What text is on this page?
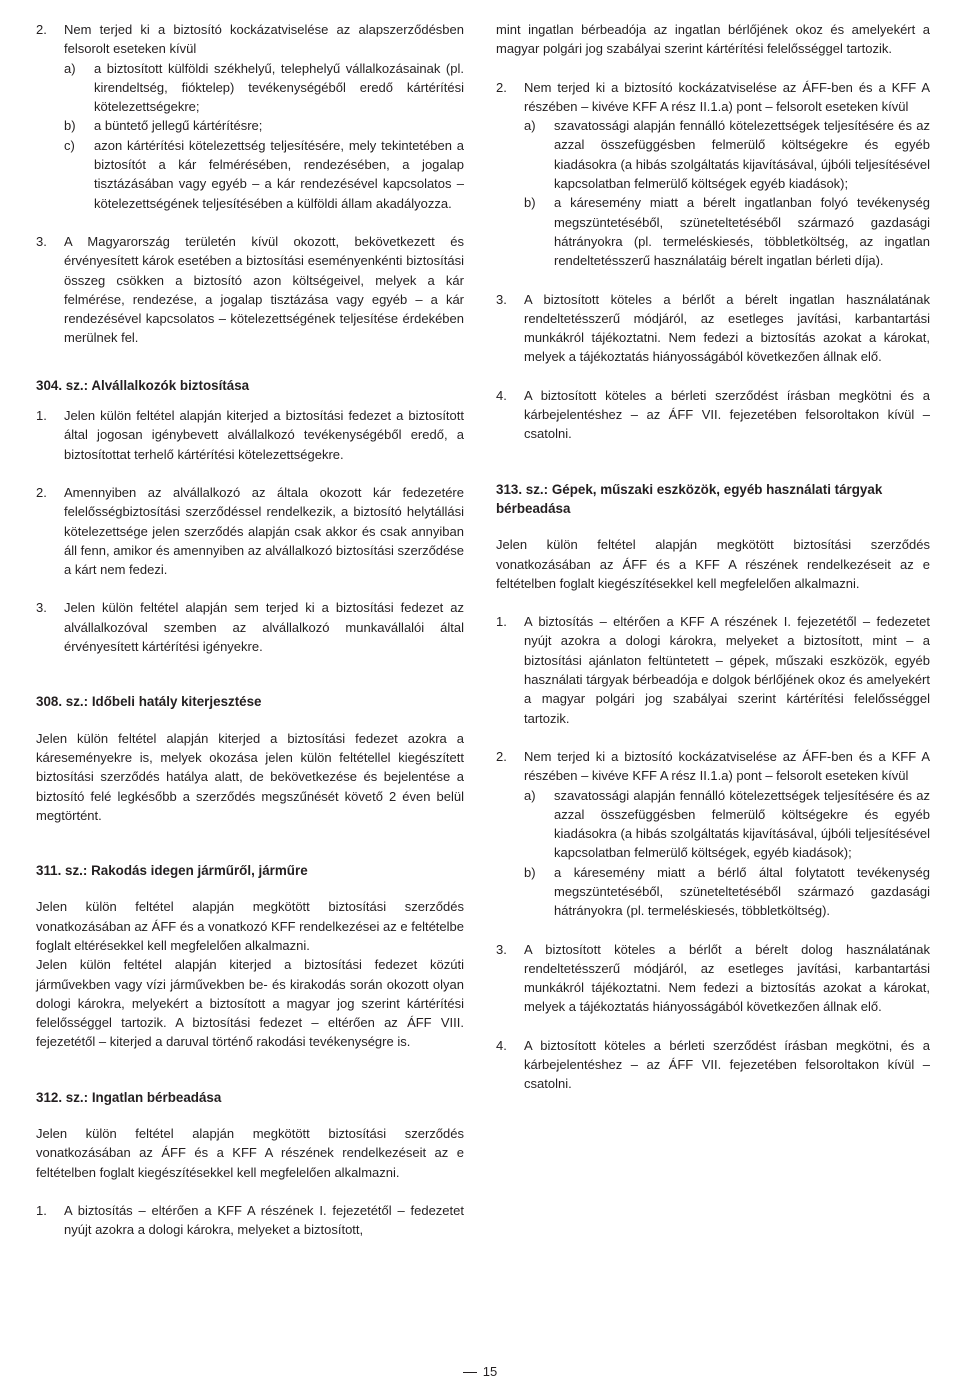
2.	Nem terjed ki a biztosító kockázatviselése az alapszerződésben felsorolt eseteken kívül
a)	a biztosított külföldi székhelyű, telephelyű vállalkozásainak (pl. kirendeltség, fióktelep) tevékenységéből eredő kártérítési kötelezettségekre;
b)	a büntető jellegű kártérítésre;
c)	azon kártérítési kötelezettség teljesítésére, mely tekintetében a biztosítót a kár felmérésében, rendezésében, a jogalap tisztázásában vagy egyéb – a kár rendezésével kapcsolatos – kötelezettségének teljesítésében a külföldi állam akadályozza.
3.	A Magyarország területén kívül okozott, bekövetkezett és érvényesített károk esetében a biztosítási eseményenkénti biztosítási összeg csökken a biztosító azon költségeivel, melyek a kár felmérése, rendezése, a jogalap tisztázása vagy egyéb – a kár rendezésével kapcsolatos – kötelezettségének teljesítése érdekében merülnek fel.
304. sz.: Alvállalkozók biztosítása
1.	Jelen külön feltétel alapján kiterjed a biztosítási fedezet a biztosított által jogosan igénybevett alvállalkozó tevékenységéből eredő, a biztosítottat terhelő kártérítési kötelezettségekre.
2.	Amennyiben az alvállalkozó az általa okozott kár fedezetére felelősségbiztosítási szerződéssel rendelkezik, a biztosító helytállási kötelezettsége jelen szerződés alapján csak akkor és csak annyiban áll fenn, amikor és amennyiben az alvállalkozó biztosítási szerződése a kárt nem fedezi.
3.	Jelen külön feltétel alapján sem terjed ki a biztosítási fedezet az alvállalkozóval szemben az alvállalkozó munkavállalói által érvényesített kártérítési igényekre.
308. sz.: Időbeli hatály kiterjesztése
Jelen külön feltétel alapján kiterjed a biztosítási fedezet azokra a káreseményekre is, melyek okozása jelen külön feltétellel kiegészített biztosítási szerződés hatálya alatt, de bekövetkezése és bejelentése a biztosító felé legkésőbb a szerződés megszűnését követő 2 éven belül megtörtént.
311. sz.: Rakodás idegen járműről, járműre
Jelen külön feltétel alapján megkötött biztosítási szerződés vonatkozásában az ÁFF és a vonatkozó KFF rendelkezései az e feltételbe foglalt eltérésekkel kell megfelelően alkalmazni.
Jelen külön feltétel alapján kiterjed a biztosítási fedezet közúti járművekben vagy vízi járművekben be- és kirakodás során okozott olyan dologi károkra, melyekért a biztosított a magyar jog szerint kártérítési felelősséggel tartozik. A biztosítási fedezet – eltérően az ÁFF VIII. fejezetétől – kiterjed a daruval történő rakodási tevékenységre is.
312. sz.: Ingatlan bérbeadása
Jelen külön feltétel alapján megkötött biztosítási szerződés vonatkozásában az ÁFF és a KFF A részének rendelkezéseit az e feltételben foglalt kiegészítésekkel kell megfelelően alkalmazni.
1.	A biztosítás – eltérően a KFF A részének I. fejezetétől – fedezetet nyújt azokra a dologi károkra, melyeket a biztosított,
mint ingatlan bérbeadója az ingatlan bérlőjének okoz és amelyekért a magyar polgári jog szabályai szerint kártérítési felelősséggel tartozik.
2.	Nem terjed ki a biztosító kockázatviselése az ÁFF-ben és a KFF A részében – kivéve KFF A rész II.1.a) pont – felsorolt eseteken kívül
a)	szavatossági alapján fennálló kötelezettségek teljesítésére és az azzal összefüggésben felmerülő költségekre és egyéb kiadásokra (a hibás szolgáltatás kijavításával, újbóli teljesítésével kapcsolatban felmerülő költségek egyéb kiadások);
b)	a káresemény miatt a bérelt ingatlanban folyó tevékenység megszüntetéséből, szüneteltetéséből származó gazdasági hátrányokra (pl. termeléskiesés, többletköltség, az ingatlan rendeltetésszerű használatáig bérelt ingatlan bérleti díja).
3.	A biztosított köteles a bérlőt a bérelt ingatlan használatának rendeltetésszerű módjáról, az esetleges javítási, karbantartási munkákról tájékoztatni. Nem fedezi a biztosítás azokat a károkat, melyek a tájékoztatás hiányosságából következően állnak elő.
4.	A biztosított köteles a bérleti szerződést írásban megkötni és a kárbejelentéshez – az ÁFF VII. fejezetében felsoroltakon kívül – csatolni.
313. sz.: Gépek, műszaki eszközök, egyéb használati tárgyak bérbeadása
Jelen külön feltétel alapján megkötött biztosítási szerződés vonatkozásában az ÁFF és a KFF A részének rendelkezéseit az e feltételben foglalt kiegészítésekkel kell megfelelően alkalmazni.
1.	A biztosítás – eltérően a KFF A részének I. fejezetétől – fedezetet nyújt azokra a dologi károkra, melyeket a biztosított, mint – a biztosítási ajánlaton feltüntetett – gépek, műszaki eszközök, egyéb használati tárgyak bérbeadója e dolgok bérlőjének okoz és amelyekért a magyar polgári jog szabályai szerint kártérítési felelősséggel tartozik.
2.	Nem terjed ki a biztosító kockázatviselése az ÁFF-ben és a KFF A részében – kivéve KFF A rész II.1.a) pont – felsorolt eseteken kívül
a)	szavatossági alapján fennálló kötelezettségek teljesítésére és az azzal összefüggésben felmerülő költségekre és egyéb kiadásokra (a hibás szolgáltatás kijavításával, újbóli teljesítésével kapcsolatban felmerülő költségek, egyéb kiadások);
b)	a káresemény miatt a bérlő által folytatott tevékenység megszüntetéséből, szüneteltetéséből származó gazdasági hátrányokra (pl. termeléskiesés, többletköltség).
3.	A biztosított köteles a bérlőt a bérelt dolog használatának rendeltetésszerű módjáról, az esetleges javítási, karbantartási munkákról tájékoztatni. Nem fedezi a biztosítás azokat a károkat, melyek a tájékoztatás hiányosságából következően állnak elő.
4.	A biztosított köteles a bérleti szerződést írásban megkötni, és a kárbejelentéshez – az ÁFF VII. fejezetében felsoroltakon kívül – csatolni.
15
